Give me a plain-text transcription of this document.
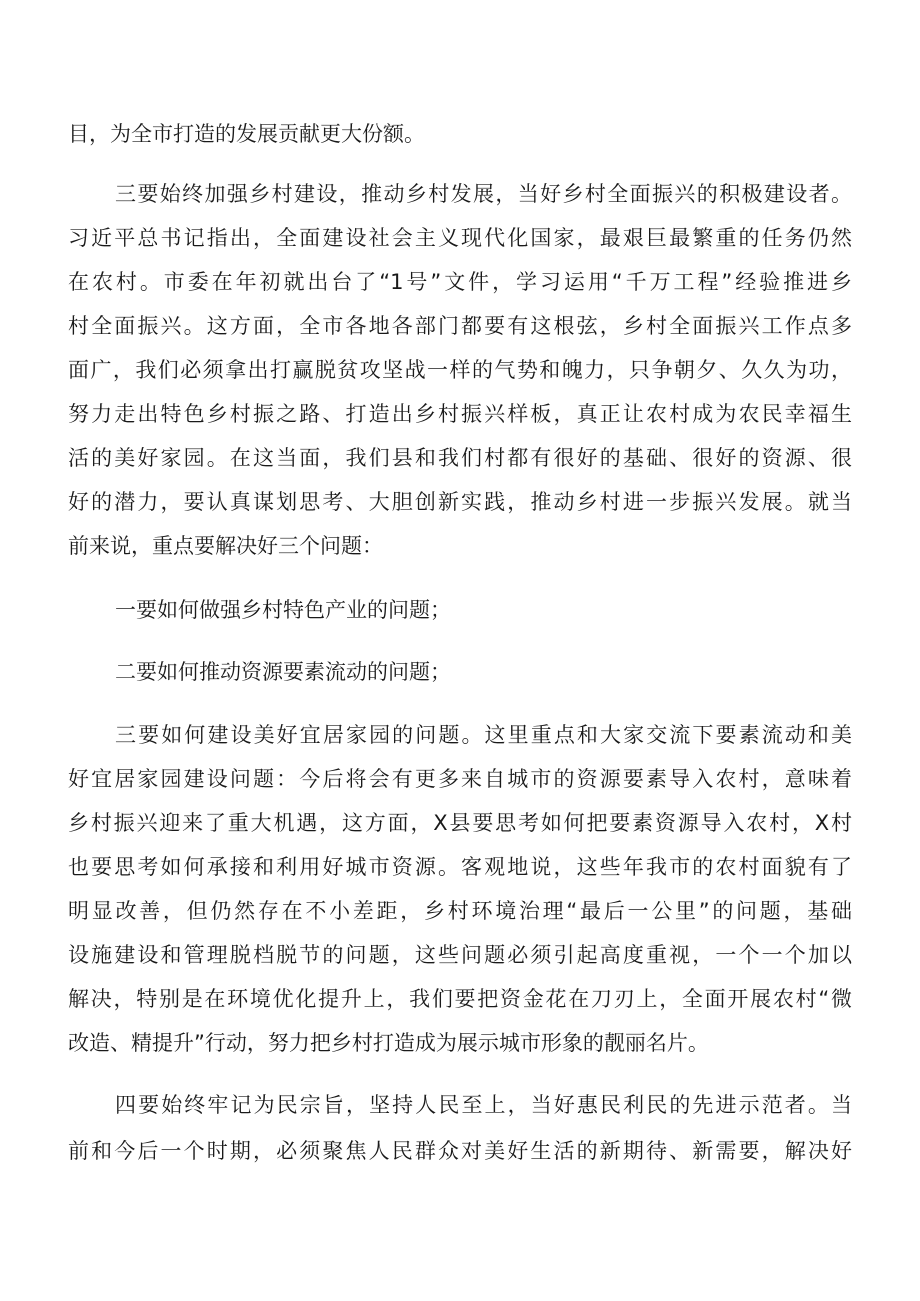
目，为全市打造的发展贡献更大份额。
三要始终加强乡村建设，推动乡村发展，当好乡村全面振兴的积极建设者。
习近平总书记指出，全面建设社会主义现代化国家，最艰巨最繁重的任务仍然
在农村。市委在年初就出台了“1号”文件，学习运用“千万工程”经验推进乡
村全面振兴。这方面，全市各地各部门都要有这根弦，乡村全面振兴工作点多
面广，我们必须拿出打赢脱贫攻坚战一样的气势和魄力，只争朝夕、久久为功，
努力走出特色乡村振之路、打造出乡村振兴样板，真正让农村成为农民幸福生
活的美好家园。在这当面，我们县和我们村都有很好的基础、很好的资源、很
好的潜力，要认真谋划思考、大胆创新实践，推动乡村进一步振兴发展。就当
前来说，重点要解决好三个问题：
一要如何做强乡村特色产业的问题；
二要如何推动资源要素流动的问题；
三要如何建设美好宜居家园的问题。这里重点和大家交流下要素流动和美
好宜居家园建设问题：今后将会有更多来自城市的资源要素导入农村，意味着
乡村振兴迎来了重大机遇，这方面，X县要思考如何把要素资源导入农村，X村
也要思考如何承接和利用好城市资源。客观地说，这些年我市的农村面貌有了
明显改善，但仍然存在不小差距，乡村环境治理“最后一公里”的问题，基础
设施建设和管理脱档脱节的问题，这些问题必须引起高度重视，一个一个加以
解决，特别是在环境优化提升上，我们要把资金花在刀刃上，全面开展农村“微
改造、精提升”行动，努力把乡村打造成为展示城市形象的靓丽名片。
四要始终牢记为民宗旨，坚持人民至上，当好惠民利民的先进示范者。当
前和今后一个时期，必须聚焦人民群众对美好生活的新期待、新需要，解决好
